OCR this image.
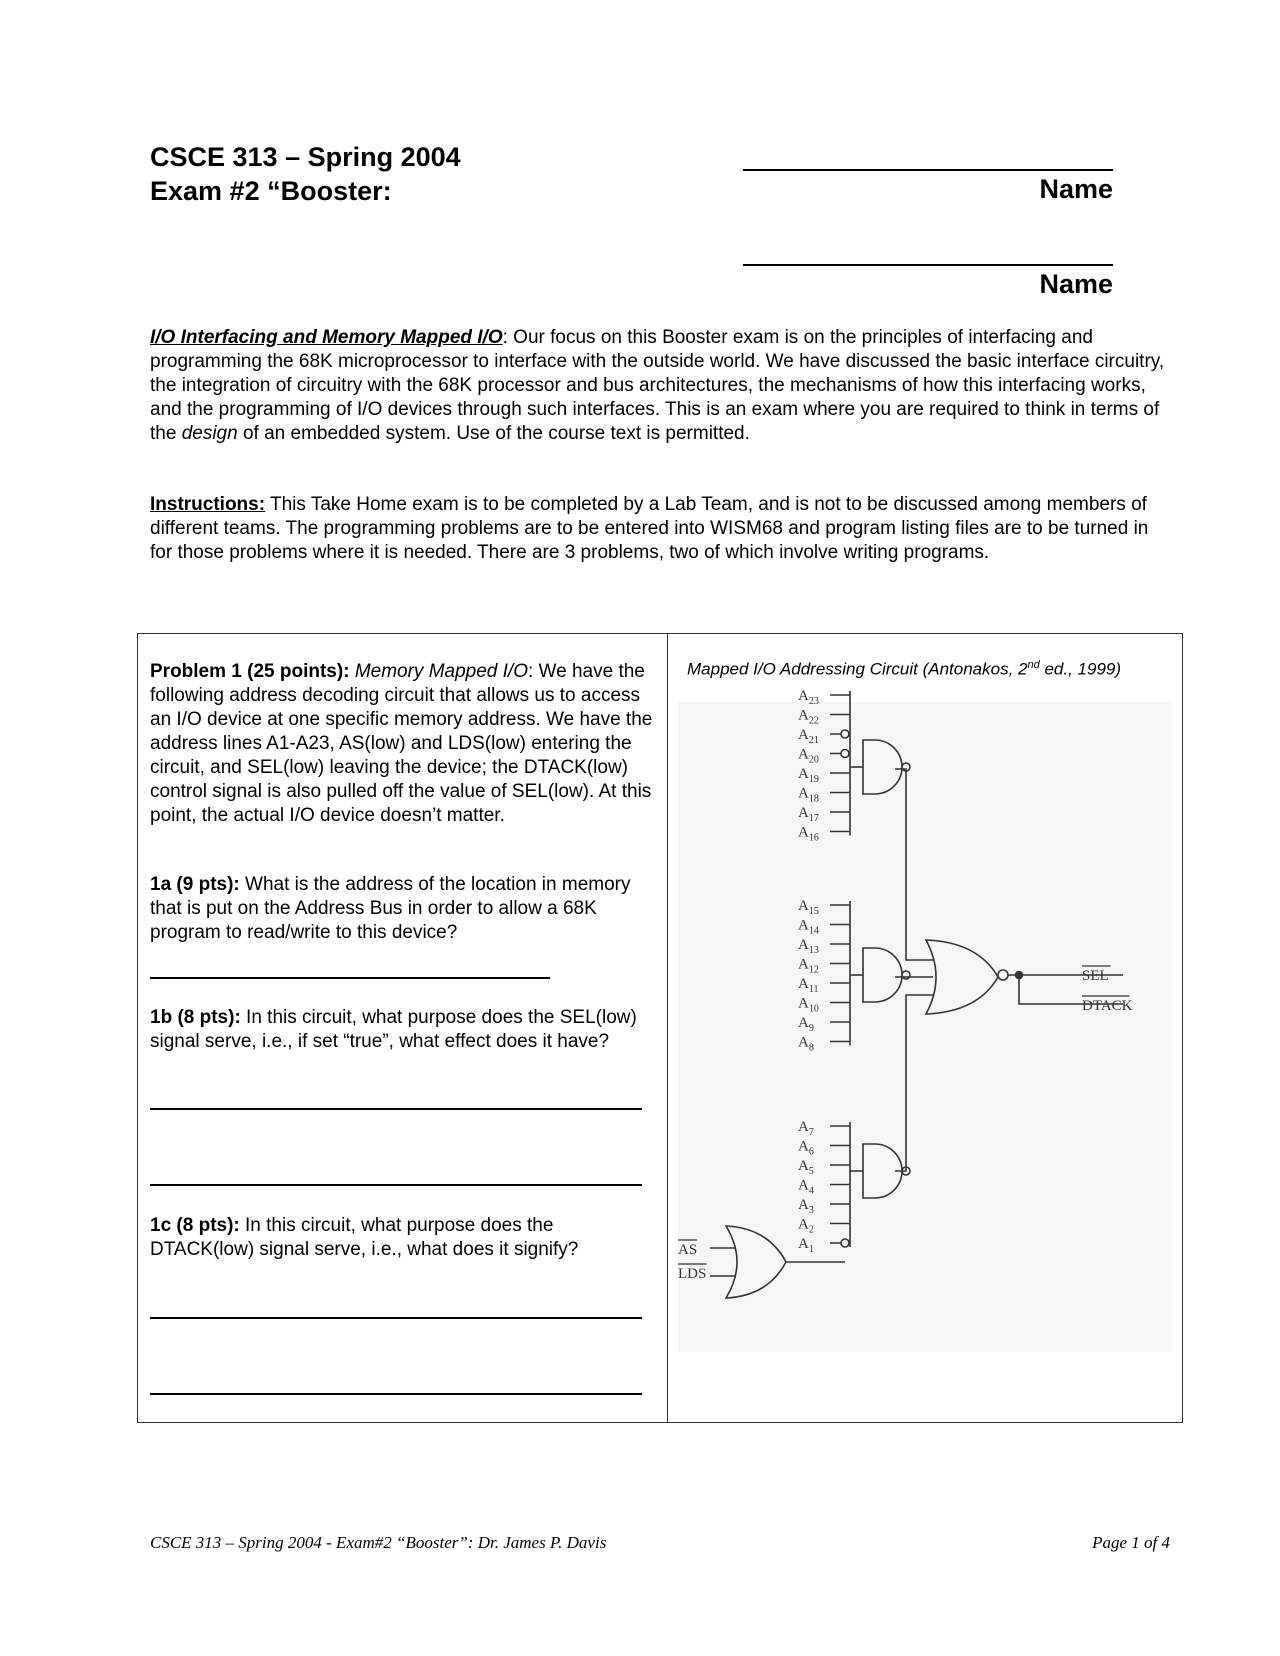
CSCE 313 – Spring 2004
Exam #2 “Booster:	Name
Name
I/O Interfacing and Memory Mapped I/O: Our focus on this Booster exam is on the principles of interfacing and programming the 68K microprocessor to interface with the outside world. We have discussed the basic interface circuitry, the integration of circuitry with the 68K processor and bus architectures, the mechanisms of how this interfacing works, and the programming of I/O devices through such interfaces. This is an exam where you are required to think in terms of the design of an embedded system. Use of the course text is permitted.
Instructions: This Take Home exam is to be completed by a Lab Team, and is not to be discussed among members of different teams. The programming problems are to be entered into WISM68 and program listing files are to be turned in for those problems where it is needed. There are 3 problems, two of which involve writing programs.
Problem 1 (25 points): Memory Mapped I/O: We have the following address decoding circuit that allows us to access an I/O device at one specific memory address. We have the address lines A1-A23, AS(low) and LDS(low) entering the circuit, and SEL(low) leaving the device; the DTACK(low) control signal is also pulled off the value of SEL(low). At this point, the actual I/O device doesn’t matter.
1a (9 pts): What is the address of the location in memory that is put on the Address Bus in order to allow a 68K program to read/write to this device?
1b (8 pts): In this circuit, what purpose does the SEL(low) signal serve, i.e., if set “true”, what effect does it have?
1c (8 pts): In this circuit, what purpose does the DTACK(low) signal serve, i.e., what does it signify?
Mapped I/O Addressing Circuit (Antonakos, 2nd ed., 1999)
$A_{23}$
$A_{22}$
$A_{21}$
$A_{20}$
$A_{19}$
$A_{18}$
$A_{17}$
$A_{16}$
$A_{15}$
$A_{14}$
$A_{13}$
$A_{12}$
$A_{11}$
$A_{10}$
$A_9$
$A_8$
$A_7$
$A_6$
$A_5$
$A_4$
$A_3$
$A_2$
$A_1$
AS
LDS
SEL
DTACK
CSCE 313 – Spring 2004 - Exam#2 “Booster”: Dr. James P. Davis	Page 1 of 4
